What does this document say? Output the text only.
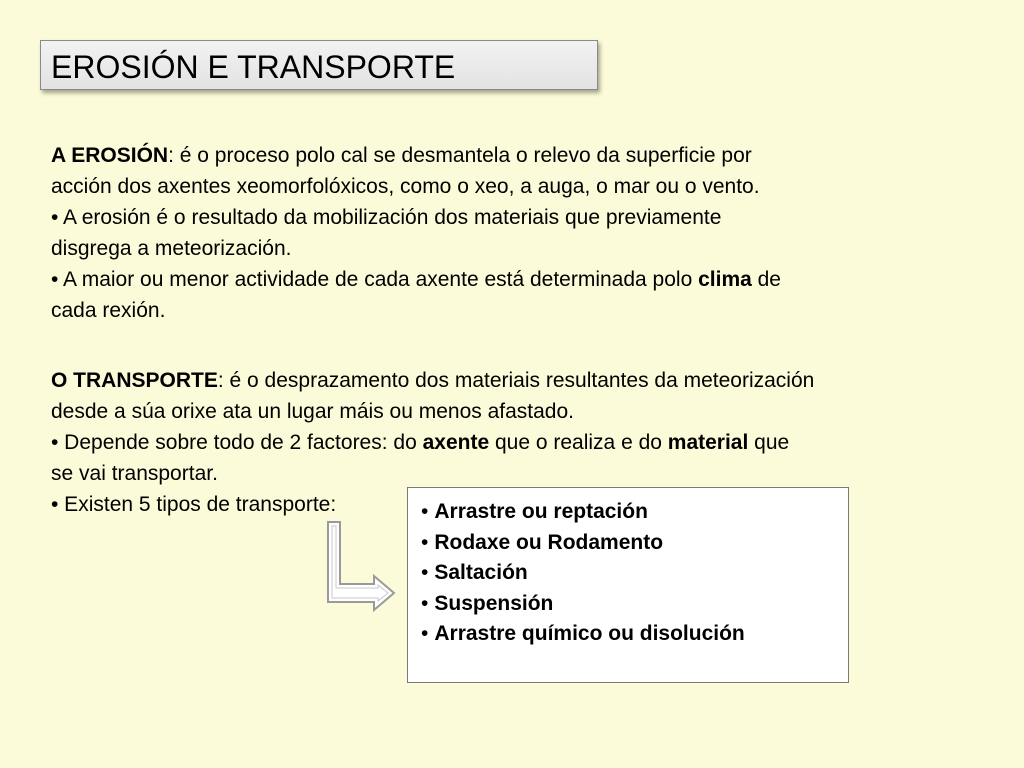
EROSIÓN E TRANSPORTE
A EROSIÓN: é o proceso polo cal se desmantela o relevo da superficie por
acción dos axentes xeomorfolóxicos, como o xeo, a auga, o mar ou o vento.
• A erosión é o resultado da mobilización dos materiais que previamente
disgrega a meteorización.
• A maior ou menor actividade de cada axente está determinada polo clima de
cada rexión.
O TRANSPORTE: é o desprazamento dos materiais resultantes da meteorización
desde a súa orixe ata un lugar máis ou menos afastado.
• Depende sobre todo de 2 factores: do axente que o realiza e do material que
se vai transportar.
• Existen 5 tipos de transporte:	• Arrastre ou reptación
• Rodaxe ou Rodamento
• Saltación
• Suspensión
• Arrastre químico ou disolución
